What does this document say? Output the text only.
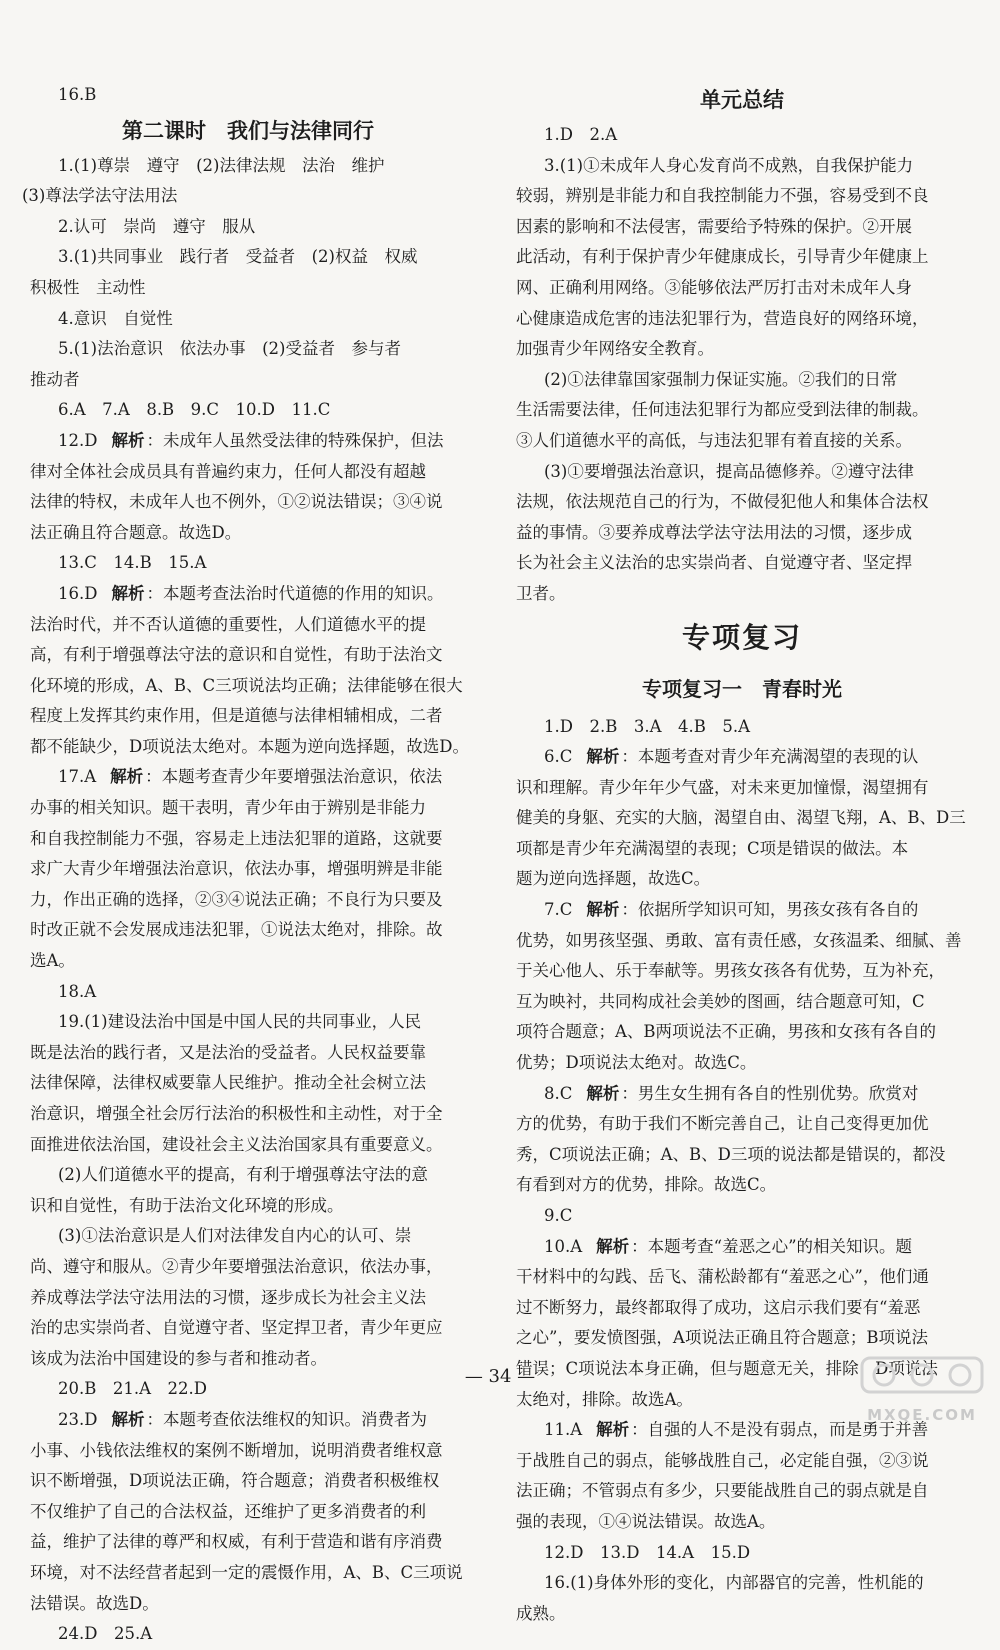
16.B
第二课时　我们与法律同行
1.(1)尊崇　遵守　(2)法律法规　法治　维护
(3)尊法学法守法用法
2.认可　崇尚　遵守　服从
3.(1)共同事业　践行者　受益者　(2)权益　权威
积极性　主动性
4.意识　自觉性
5.(1)法治意识　依法办事　(2)受益者　参与者
推动者
6.A　7.A　8.B　9.C　10.D　11.C
12.D 解析 ：未成年人虽然受法律的特殊保护，但法
律对全体社会成员具有普遍约束力，任何人都没有超越
法律的特权，未成年人也不例外，①②说法错误；③④说
法正确且符合题意。故选D。
13.C　14.B　15.A
16.D 解析 ：本题考查法治时代道德的作用的知识。
法治时代，并不否认道德的重要性，人们道德水平的提
高，有利于增强尊法守法的意识和自觉性，有助于法治文
化环境的形成，A、B、C三项说法均正确；法律能够在很大
程度上发挥其约束作用，但是道德与法律相辅相成，二者
都不能缺少，D项说法太绝对。本题为逆向选择题，故选D。
17.A 解析 ：本题考查青少年要增强法治意识，依法
办事的相关知识。题干表明，青少年由于辨别是非能力
和自我控制能力不强，容易走上违法犯罪的道路，这就要
求广大青少年增强法治意识，依法办事，增强明辨是非能
力，作出正确的选择，②③④说法正确；不良行为只要及
时改正就不会发展成违法犯罪，①说法太绝对，排除。故
选A。
18.A
19.(1)建设法治中国是中国人民的共同事业，人民
既是法治的践行者，又是法治的受益者。人民权益要靠
法律保障，法律权威要靠人民维护。推动全社会树立法
治意识，增强全社会厉行法治的积极性和主动性，对于全
面推进依法治国，建设社会主义法治国家具有重要意义。
(2)人们道德水平的提高，有利于增强尊法守法的意
识和自觉性，有助于法治文化环境的形成。
(3)①法治意识是人们对法律发自内心的认可、崇
尚、遵守和服从。②青少年要增强法治意识，依法办事，
养成尊法学法守法用法的习惯，逐步成长为社会主义法
治的忠实崇尚者、自觉遵守者、坚定捍卫者，青少年更应
该成为法治中国建设的参与者和推动者。
20.B　21.A　22.D
23.D 解析 ：本题考查依法维权的知识。消费者为
小事、小钱依法维权的案例不断增加，说明消费者维权意
识不断增强，D项说法正确，符合题意；消费者积极维权
不仅维护了自己的合法权益，还维护了更多消费者的利
益，维护了法律的尊严和权威，有利于营造和谐有序消费
环境，对不法经营者起到一定的震慑作用，A、B、C三项说
法错误。故选D。
24.D　25.A
单元总结
1.D　2.A
3.(1)①未成年人身心发育尚不成熟，自我保护能力
较弱，辨别是非能力和自我控制能力不强，容易受到不良
因素的影响和不法侵害，需要给予特殊的保护。②开展
此活动，有利于保护青少年健康成长，引导青少年健康上
网、正确利用网络。③能够依法严厉打击对未成年人身
心健康造成危害的违法犯罪行为，营造良好的网络环境，
加强青少年网络安全教育。
(2)①法律靠国家强制力保证实施。②我们的日常
生活需要法律，任何违法犯罪行为都应受到法律的制裁。
③人们道德水平的高低，与违法犯罪有着直接的关系。
(3)①要增强法治意识，提高品德修养。②遵守法律
法规，依法规范自己的行为，不做侵犯他人和集体合法权
益的事情。③要养成尊法学法守法用法的习惯，逐步成
长为社会主义法治的忠实崇尚者、自觉遵守者、坚定捍
卫者。
专项复习
专项复习一　青春时光
1.D　2.B　3.A　4.B　5.A
6.C 解析 ：本题考查对青少年充满渴望的表现的认
识和理解。青少年年少气盛，对未来更加憧憬，渴望拥有
健美的身躯、充实的大脑，渴望自由、渴望飞翔，A、B、D三
项都是青少年充满渴望的表现；C项是错误的做法。本
题为逆向选择题，故选C。
7.C 解析 ：依据所学知识可知，男孩女孩有各自的
优势，如男孩坚强、勇敢、富有责任感，女孩温柔、细腻、善
于关心他人、乐于奉献等。男孩女孩各有优势，互为补充，
互为映衬，共同构成社会美妙的图画，结合题意可知，C
项符合题意；A、B两项说法不正确，男孩和女孩有各自的
优势；D项说法太绝对。故选C。
8.C 解析 ：男生女生拥有各自的性别优势。欣赏对
方的优势，有助于我们不断完善自己，让自己变得更加优
秀，C项说法正确；A、B、D三项的说法都是错误的，都没
有看到对方的优势，排除。故选C。
9.C
10.A 解析 ：本题考查“羞恶之心”的相关知识。题
干材料中的勾践、岳飞、蒲松龄都有“羞恶之心”，他们通
过不断努力，最终都取得了成功，这启示我们要有“羞恶
之心”，要发愤图强，A项说法正确且符合题意；B项说法
错误；C项说法本身正确，但与题意无关，排除；D项说法
太绝对，排除。故选A。
11.A 解析 ：自强的人不是没有弱点，而是勇于并善
于战胜自己的弱点，能够战胜自己，必定能自强，②③说
法正确；不管弱点有多少，只要能战胜自己的弱点就是自
强的表现，①④说法错误。故选A。
12.D　13.D　14.A　15.D
16.(1)身体外形的变化，内部器官的完善，性机能的
成熟。
— 34 —
MXQE.COM
